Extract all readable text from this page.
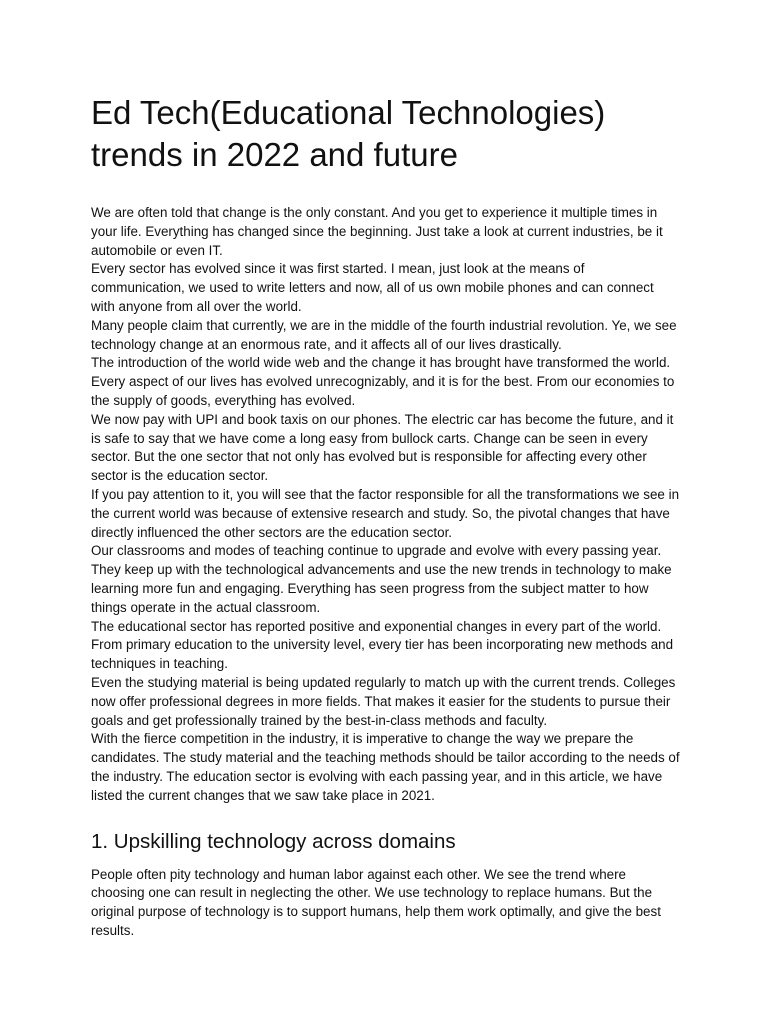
Ed Tech(Educational Technologies) trends in 2022 and future

We are often told that change is the only constant. And you get to experience it multiple times in your life. Everything has changed since the beginning. Just take a look at current industries, be it automobile or even IT.

Every sector has evolved since it was first started. I mean, just look at the means of communication, we used to write letters and now, all of us own mobile phones and can connect with anyone from all over the world.

Many people claim that currently, we are in the middle of the fourth industrial revolution. Ye, we see technology change at an enormous rate, and it affects all of our lives drastically.

The introduction of the world wide web and the change it has brought have transformed the world. Every aspect of our lives has evolved unrecognizably, and it is for the best. From our economies to the supply of goods, everything has evolved.

We now pay with UPI and book taxis on our phones. The electric car has become the future, and it is safe to say that we have come a long easy from bullock carts. Change can be seen in every sector. But the one sector that not only has evolved but is responsible for affecting every other sector is the education sector.

If you pay attention to it, you will see that the factor responsible for all the transformations we see in the current world was because of extensive research and study. So, the pivotal changes that have directly influenced the other sectors are the education sector.

Our classrooms and modes of teaching continue to upgrade and evolve with every passing year. They keep up with the technological advancements and use the new trends in technology to make learning more fun and engaging. Everything has seen progress from the subject matter to how things operate in the actual classroom.

The educational sector has reported positive and exponential changes in every part of the world. From primary education to the university level, every tier has been incorporating new methods and techniques in teaching.

Even the studying material is being updated regularly to match up with the current trends. Colleges now offer professional degrees in more fields. That makes it easier for the students to pursue their goals and get professionally trained by the best-in-class methods and faculty.

With the fierce competition in the industry, it is imperative to change the way we prepare the candidates. The study material and the teaching methods should be tailor according to the needs of the industry. The education sector is evolving with each passing year, and in this article, we have listed the current changes that we saw take place in 2021.

1. Upskilling technology across domains

People often pity technology and human labor against each other. We see the trend where choosing one can result in neglecting the other. We use technology to replace humans. But the original purpose of technology is to support humans, help them work optimally, and give the best results.
